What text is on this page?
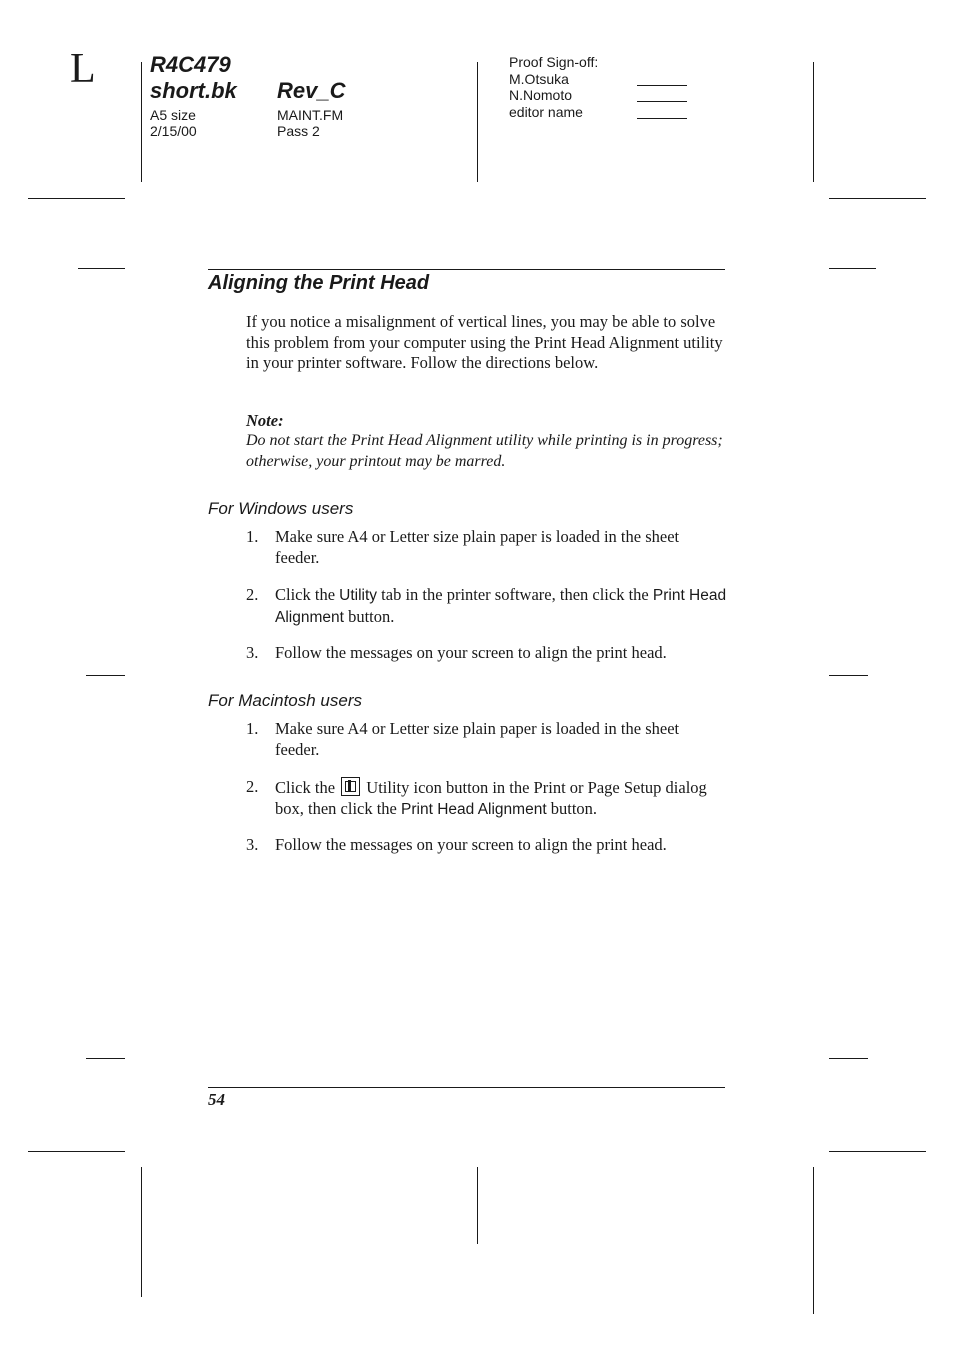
L R4C479
short.bk Rev_C
A5 size
2/15/00
MAINT.FM
Pass 2
Proof Sign-off:
M.Otsuka
N.Nomoto
editor name
Aligning the Print Head
If you notice a misalignment of vertical lines, you may be able to solve this problem from your computer using the Print Head Alignment utility in your printer software. Follow the directions below.
Note:
Do not start the Print Head Alignment utility while printing is in progress; otherwise, your printout may be marred.
For Windows users
1.	Make sure A4 or Letter size plain paper is loaded in the sheet feeder.
2.	Click the Utility tab in the printer software, then click the Print Head Alignment button.
3.	Follow the messages on your screen to align the print head.
For Macintosh users
1.	Make sure A4 or Letter size plain paper is loaded in the sheet feeder.
2.	Click the
Utility icon button in the Print or Page Setup dialog box, then click the Print Head Alignment button.
3.	Follow the messages on your screen to align the print head.
54
